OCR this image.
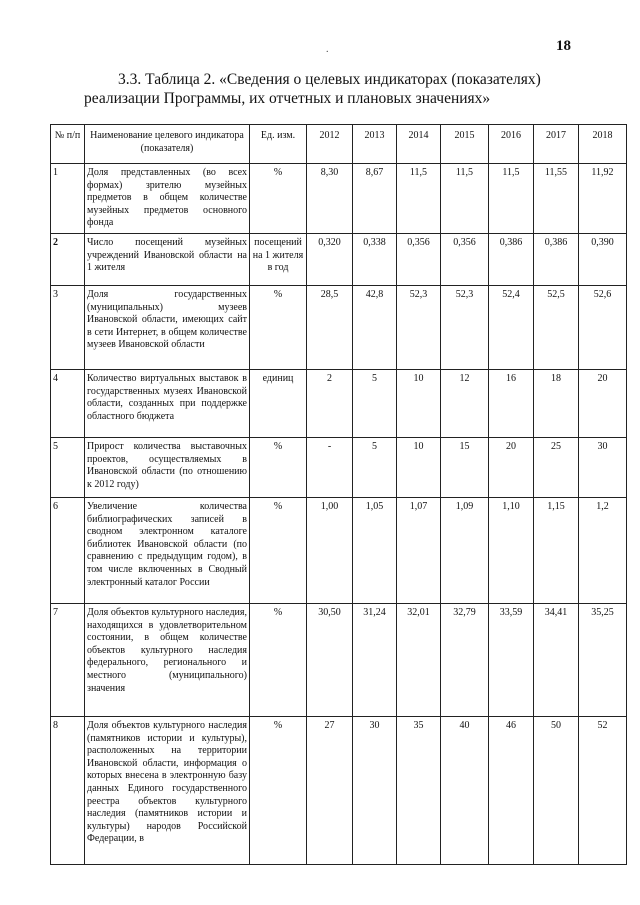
.	18
3.3. Таблица 2. «Сведения о целевых индикаторах (показателях)
реализации Программы, их отчетных и плановых значениях»
№ п/п	Наименование целевого индикатора (показателя)	Ед. изм.	2012	2013	2014	2015	2016	2017	2018
1	Доля представленных (во всех формах) зрителю музейных предметов в общем количестве музейных предметов основного фонда	%	8,30	8,67	11,5	11,5	11,5	11,55	11,92
2	Число посещений музейных учреждений Ивановской области на 1 жителя	посещений на 1 жителя в год	0,320	0,338	0,356	0,356	0,386	0,386	0,390
3	Доля государственных (муниципальных) музеев Ивановской области, имеющих сайт в сети Интернет, в общем количестве музеев Ивановской области	%	28,5	42,8	52,3	52,3	52,4	52,5	52,6
4	Количество виртуальных выставок в государственных музеях Ивановской области, созданных при поддержке областного бюджета	единиц	2	5	10	12	16	18	20
5	Прирост количества выставочных проектов, осуществляемых в Ивановской области (по отношению к 2012 году)	%	-	5	10	15	20	25	30
6	Увеличение количества библиографических записей в сводном электронном каталоге библиотек Ивановской области (по сравнению с предыдущим годом), в том числе включенных в Сводный электронный каталог России	%	1,00	1,05	1,07	1,09	1,10	1,15	1,2
7	Доля объектов культурного наследия, находящихся в удовлетворительном состоянии, в общем количестве объектов культурного наследия федерального, регионального и местного (муниципального) значения	%	30,50	31,24	32,01	32,79	33,59	34,41	35,25
8	Доля объектов культурного наследия (памятников истории и культуры), расположенных на территории Ивановской области, информация о которых внесена в электронную базу данных Единого государственного реестра объектов культурного наследия (памятников истории и культуры) народов Российской Федерации, в	%	27	30	35	40	46	50	52
